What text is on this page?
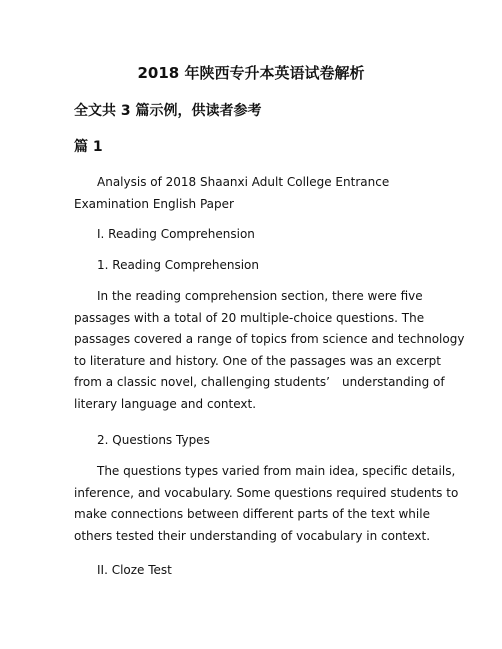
2018 年陕西专升本英语试卷解析
全文共 3 篇示例，供读者参考
篇 1
Analysis of 2018 Shaanxi Adult College Entrance
Examination English Paper
I. Reading Comprehension
1. Reading Comprehension
In the reading comprehension section, there were five
passages with a total of 20 multiple-choice questions. The
passages covered a range of topics from science and technology
to literature and history. One of the passages was an excerpt
from a classic novel, challenging students’　understanding of
literary language and context.
2. Questions Types
The questions types varied from main idea, specific details,
inference, and vocabulary. Some questions required students to
make connections between different parts of the text while
others tested their understanding of vocabulary in context.
II. Cloze Test
